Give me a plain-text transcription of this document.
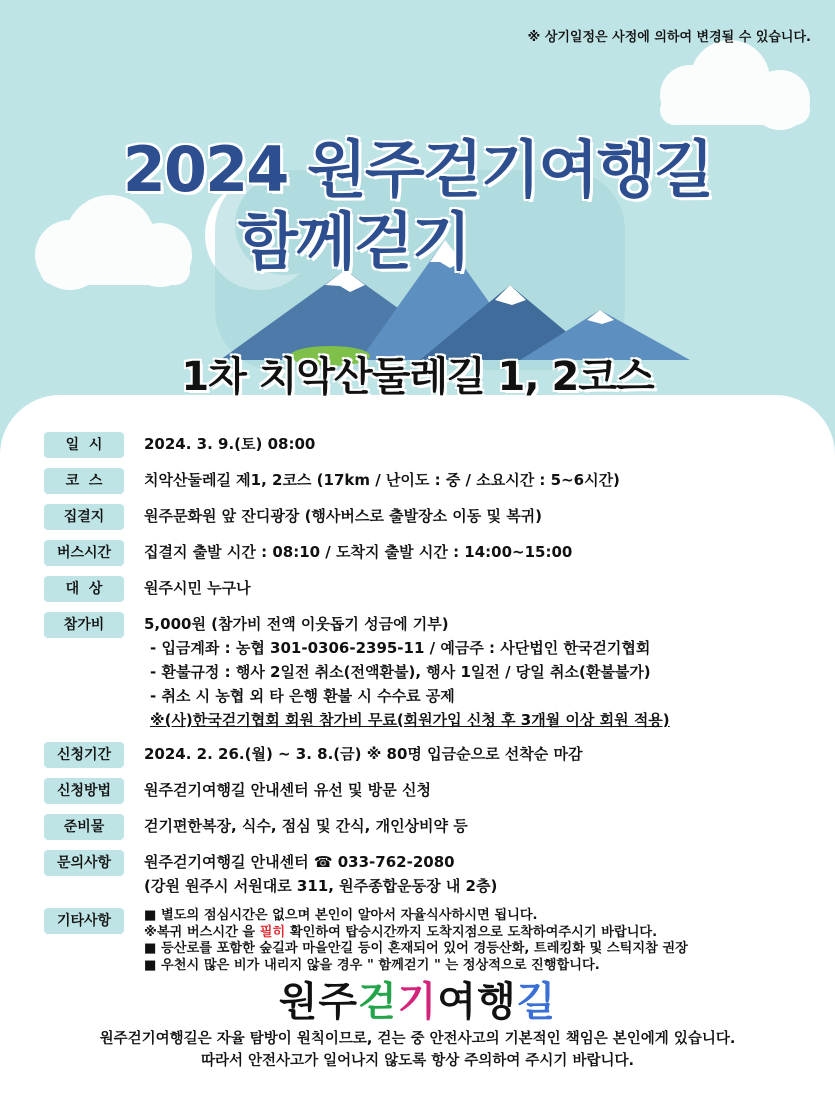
※ 상기일정은 사정에 의하여 변경될 수 있습니다.
2024 원주걷기여행길
함께걷기
1차 치악산둘레길 1, 2코스
일  시	2024. 3. 9.(토) 08:00
코  스	치악산둘레길 제1, 2코스 (17km / 난이도 : 중 / 소요시간 : 5~6시간)
집결지	원주문화원 앞 잔디광장 (행사버스로 출발장소 이동 및 복귀)
버스시간	집결지 출발 시간 : 08:10 / 도착지 출발 시간 : 14:00~15:00
대  상	원주시민 누구나
참가비	5,000원 (참가비 전액 이웃돕기 성금에 기부)
- 입금계좌 : 농협 301-0306-2395-11 / 예금주 : 사단법인 한국걷기협회
- 환불규정 : 행사 2일전 취소(전액환불), 행사 1일전 / 당일 취소(환불불가)
- 취소 시 농협 외 타 은행 환불 시 수수료 공제
※(사)한국걷기협회 회원 참가비 무료(회원가입 신청 후 3개월 이상 회원 적용)
신청기간	2024. 2. 26.(월) ~ 3. 8.(금) ※ 80명 입금순으로 선착순 마감
신청방법	원주걷기여행길 안내센터 유선 및 방문 신청
준비물	걷기편한복장, 식수, 점심 및 간식, 개인상비약 등
문의사항	원주걷기여행길 안내센터 ☎ 033-762-2080
(강원 원주시 서원대로 311, 원주종합운동장 내 2층)
기타사항	■ 별도의 점심시간은 없으며 본인이 알아서 자율식사하시면 됩니다.
※복귀 버스시간 을 필히 확인하여 탑승시간까지 도착지점으로 도착하여주시기 바랍니다.
■ 등산로를 포함한 숲길과 마을안길 등이 혼재되어 있어 경등산화, 트레킹화 및 스틱지참 권장
■ 우천시 많은 비가 내리지 않을 경우 " 함께걷기 " 는 정상적으로 진행합니다.
원주걷기여행길
원주걷기여행길은 자율 탐방이 원칙이므로, 걷는 중 안전사고의 기본적인 책임은 본인에게 있습니다.
따라서 안전사고가 일어나지 않도록 항상 주의하여 주시기 바랍니다.
